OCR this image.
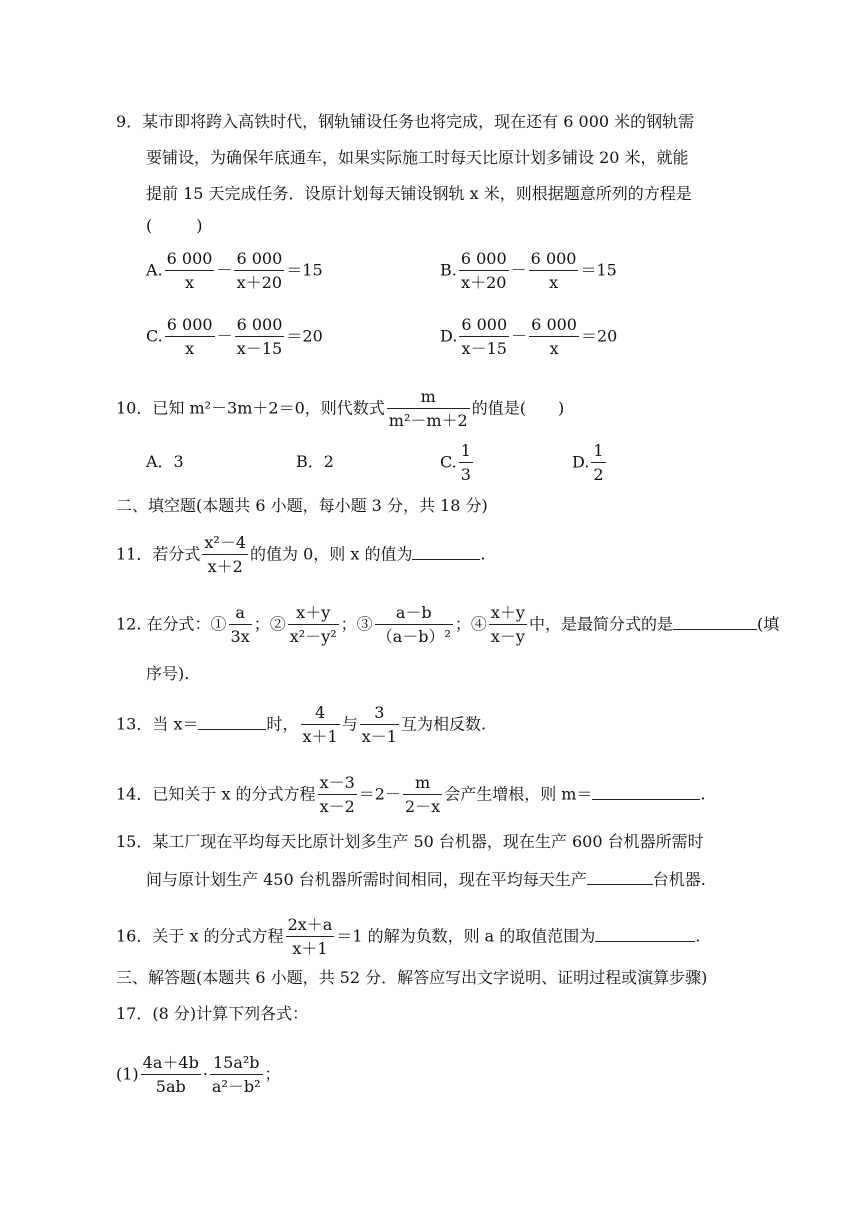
9．某市即将跨入高铁时代，钢轨铺设任务也将完成，现在还有 6 000 米的钢轨需
要铺设，为确保年底通车，如果实际施工时每天比原计划多铺设 20 米，就能
提前 15 天完成任务．设原计划每天铺设钢轨 x 米，则根据题意所列的方程是
(	)
A. $\frac{6 000}{x} - \frac{6 000}{x+20} =15$	B. $\frac{6 000}{x+20} - \frac{6 000}{x} =15$
C. $\frac{6 000}{x} - \frac{6 000}{x-15} =20$	D. $\frac{6 000}{x-15} - \frac{6 000}{x} =20$
10．已知 m²－3m＋2＝0，则代数式 $\frac{m}{\text{m²－m＋2}}$ 的值是(　　)
A．3	B．2	C. $\frac{1}{3}$	D. $\frac{1}{2}$
二、填空题(本题共 6 小题，每小题 3 分，共 18 分)
11．若分式 $\frac{\text{x²－4}}{x+2}$ 的值为 0，则 x 的值为	.
12. 在分式：① $\frac{a}{3x}$ ；② $\frac{x+y}{\text{x²－y²}}$ ；③ $\frac{a-b}{\text{（a－b）²}}$ ；④ $\frac{x+y}{x-y}$ 中，是最简分式的是	(填
序号).
13．当 x＝	时， $\frac{4}{x+1}$ 与 $\frac{3}{x-1}$ 互为相反数.
14．已知关于 x 的分式方程 $\frac{x-3}{x-2} =2- \frac{m}{2-x}$ 会产生增根，则 m＝	.
15．某工厂现在平均每天比原计划多生产 50 台机器，现在生产 600 台机器所需时
间与原计划生产 450 台机器所需时间相同，现在平均每天生产	台机器.
16．关于 x 的分式方程 $\frac{2x+a}{x+1} =1$ 的解为负数，则 a 的取值范围为	.
三、解答题(本题共 6 小题，共 52 分．解答应写出文字说明、证明过程或演算步骤)
17．(8 分)计算下列各式：
$(1) \frac{4a+4b}{5ab} \cdot \frac{\text{15a²b}}{\text{a²－b²}}$ ；
